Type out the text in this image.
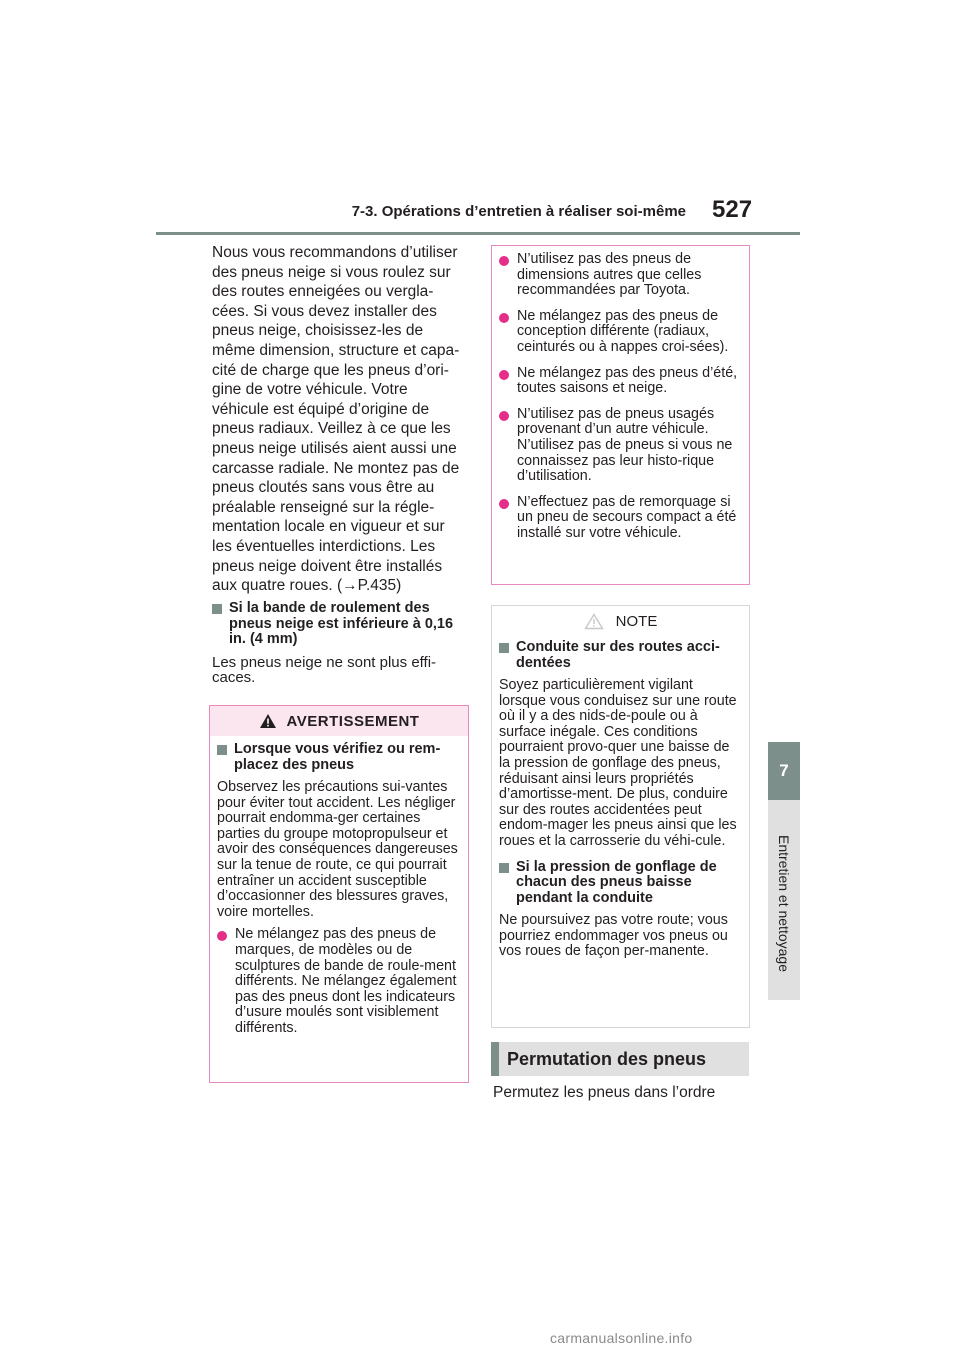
7-3. Opérations d’entretien à réaliser soi-même 527
7
Entretien et nettoyage
Nous vous recommandons d’utiliser
des pneus neige si vous roulez sur
des routes enneigées ou vergla-
cées. Si vous devez installer des
pneus neige, choisissez-les de
même dimension, structure et capa-
cité de charge que les pneus d’ori-
gine de votre véhicule. Votre
véhicule est équipé d’origine de
pneus radiaux. Veillez à ce que les
pneus neige utilisés aient aussi une
carcasse radiale. Ne montez pas de
pneus cloutés sans vous être au
préalable renseigné sur la régle-
mentation locale en vigueur et sur
les éventuelles interdictions. Les
pneus neige doivent être installés
aux quatre roues. (→P.435)
Si la bande de roulement des pneus neige est inférieure à 0,16 in. (4 mm)

Les pneus neige ne sont plus effi-caces.

AVERTISSEMENT
Lorsque vous vérifiez ou rem-placez des pneus

Observez les précautions sui-vantes pour éviter tout accident. Les négliger pourrait endomma-ger certaines parties du groupe motopropulseur et avoir des conséquences dangereuses sur la tenue de route, ce qui pourrait entraîner un accident susceptible d’occasionner des blessures graves, voire mortelles.

Ne mélangez pas des pneus de marques, de modèles ou de sculptures de bande de roule-ment différents. Ne mélangez également pas des pneus dont les indicateurs d’usure moulés sont visiblement différents.
N’utilisez pas des pneus de dimensions autres que celles recommandées par Toyota.
Ne mélangez pas des pneus de conception différente (radiaux, ceinturés ou à nappes croi-sées).
Ne mélangez pas des pneus d’été, toutes saisons et neige.
N’utilisez pas de pneus usagés provenant d’un autre véhicule. N’utilisez pas de pneus si vous ne connaissez pas leur histo-rique d’utilisation.
N’effectuez pas de remorquage si un pneu de secours compact a été installé sur votre véhicule.
NOTE
Conduite sur des routes acci-dentées

Soyez particulièrement vigilant lorsque vous conduisez sur une route où il y a des nids-de-poule ou à surface inégale. Ces conditions pourraient provo-quer une baisse de la pression de gonflage des pneus, réduisant ainsi leurs propriétés d’amortisse-ment. De plus, conduire sur des routes accidentées peut endom-mager les pneus ainsi que les roues et la carrosserie du véhi-cule.

Si la pression de gonflage de chacun des pneus baisse pendant la conduite

Ne poursuivez pas votre route; vous pourriez endommager vos pneus ou vos roues de façon per-manente.

Permutation des pneus
Permutez les pneus dans l’ordre
carmanualsonline.info
